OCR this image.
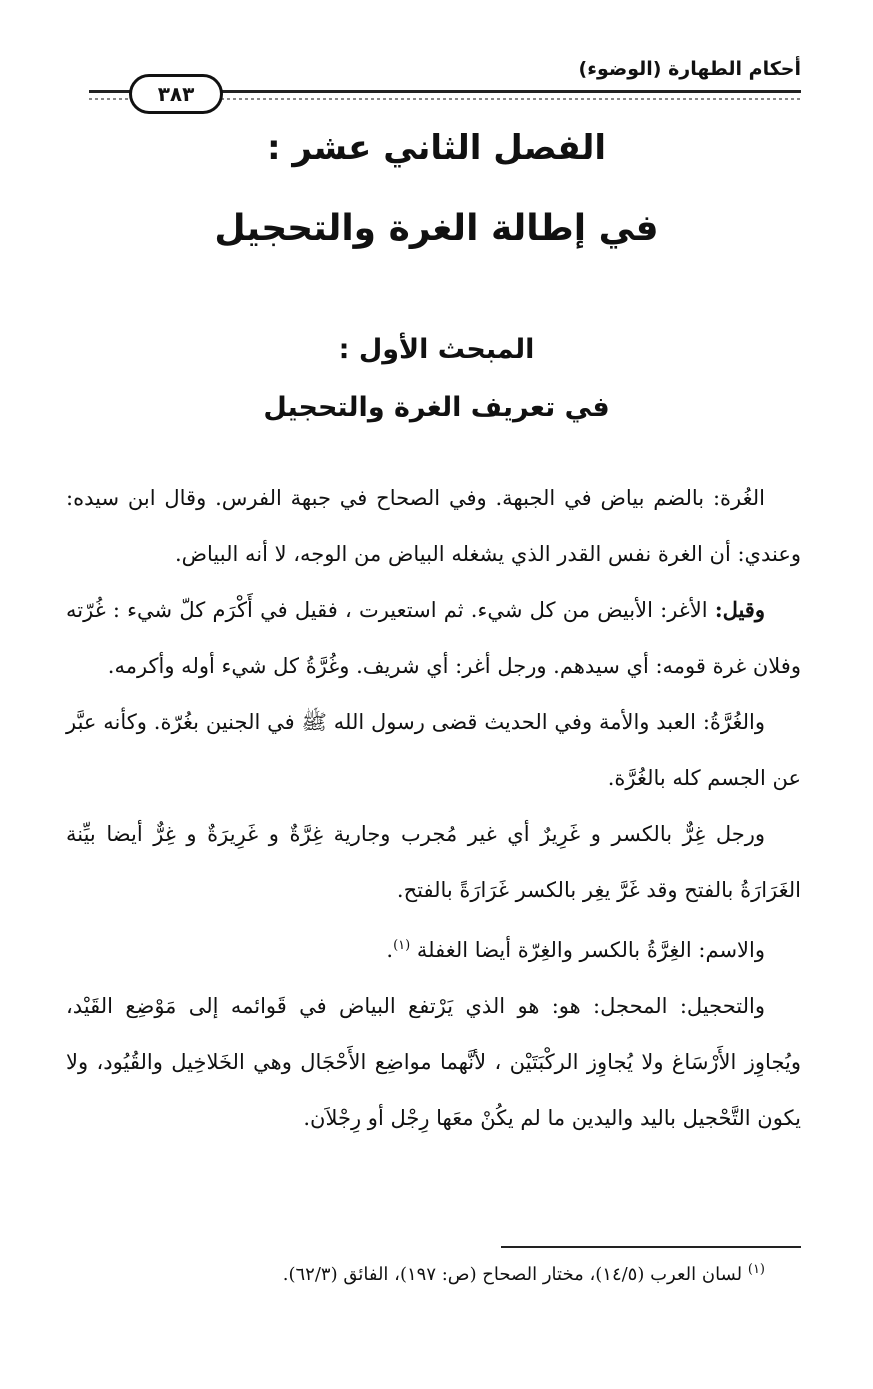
أحكام الطهارة (الوضوء)
٣٨٣
الفصل الثاني عشر :
في إطالة الغرة والتحجيل
المبحث الأول :
في تعريف الغرة والتحجيل

الغُرة: بالضم بياض في الجبهة. وفي الصحاح في جبهة الفرس. وقال ابن سيده: وعندي: أن الغرة نفس القدر الذي يشغله البياض من الوجه، لا أنه البياض.

وقيل: الأغر: الأبيض من كل شيء. ثم استعيرت ، فقيل في أَكْرَم كلّ شيء : غُرّته وفلان غرة قومه: أي سيدهم. ورجل أغر: أي شريف. وغُرَّةُ كل شيء أوله وأكرمه.

والغُرَّةُ: العبد والأمة وفي الحديث قضى رسول الله ﷺ في الجنين بغُرّة. وكأنه عبَّر عن الجسم كله بالغُرَّة.

ورجل غِرٌّ بالكسر و غَرِيرٌ أي غير مُجرب وجارية غِرَّةٌ و غَرِيرَةٌ و غِرٌّ أيضا بيِّنة الغَرَارَةُ بالفتح وقد غَرَّ يغِر بالكسر غَرَارَةً بالفتح.

والاسم: الغِرَّةُ بالكسر والغِرّة أيضا الغفلة $^{(١)}$.

والتحجيل: المحجل: هو: هو الذي يَرْتفع البياض في قَوائمه إلى مَوْضِع القَيْد، ويُجاوِز الأَرْسَاغ ولا يُجاوِز الركْبَتَيْن ، لأنَّهما مواضِع الأَحْجَال وهي الخَلاخِيل والقُيُود، ولا يكون التَّحْجيل باليد واليدين ما لم يكُنْ معَها رِجْل أو رِجْلاَن.

$^{(١)}$ لسان العرب (١٤/٥)، مختار الصحاح (ص: ١٩٧)، الفائق (٦٢/٣).
